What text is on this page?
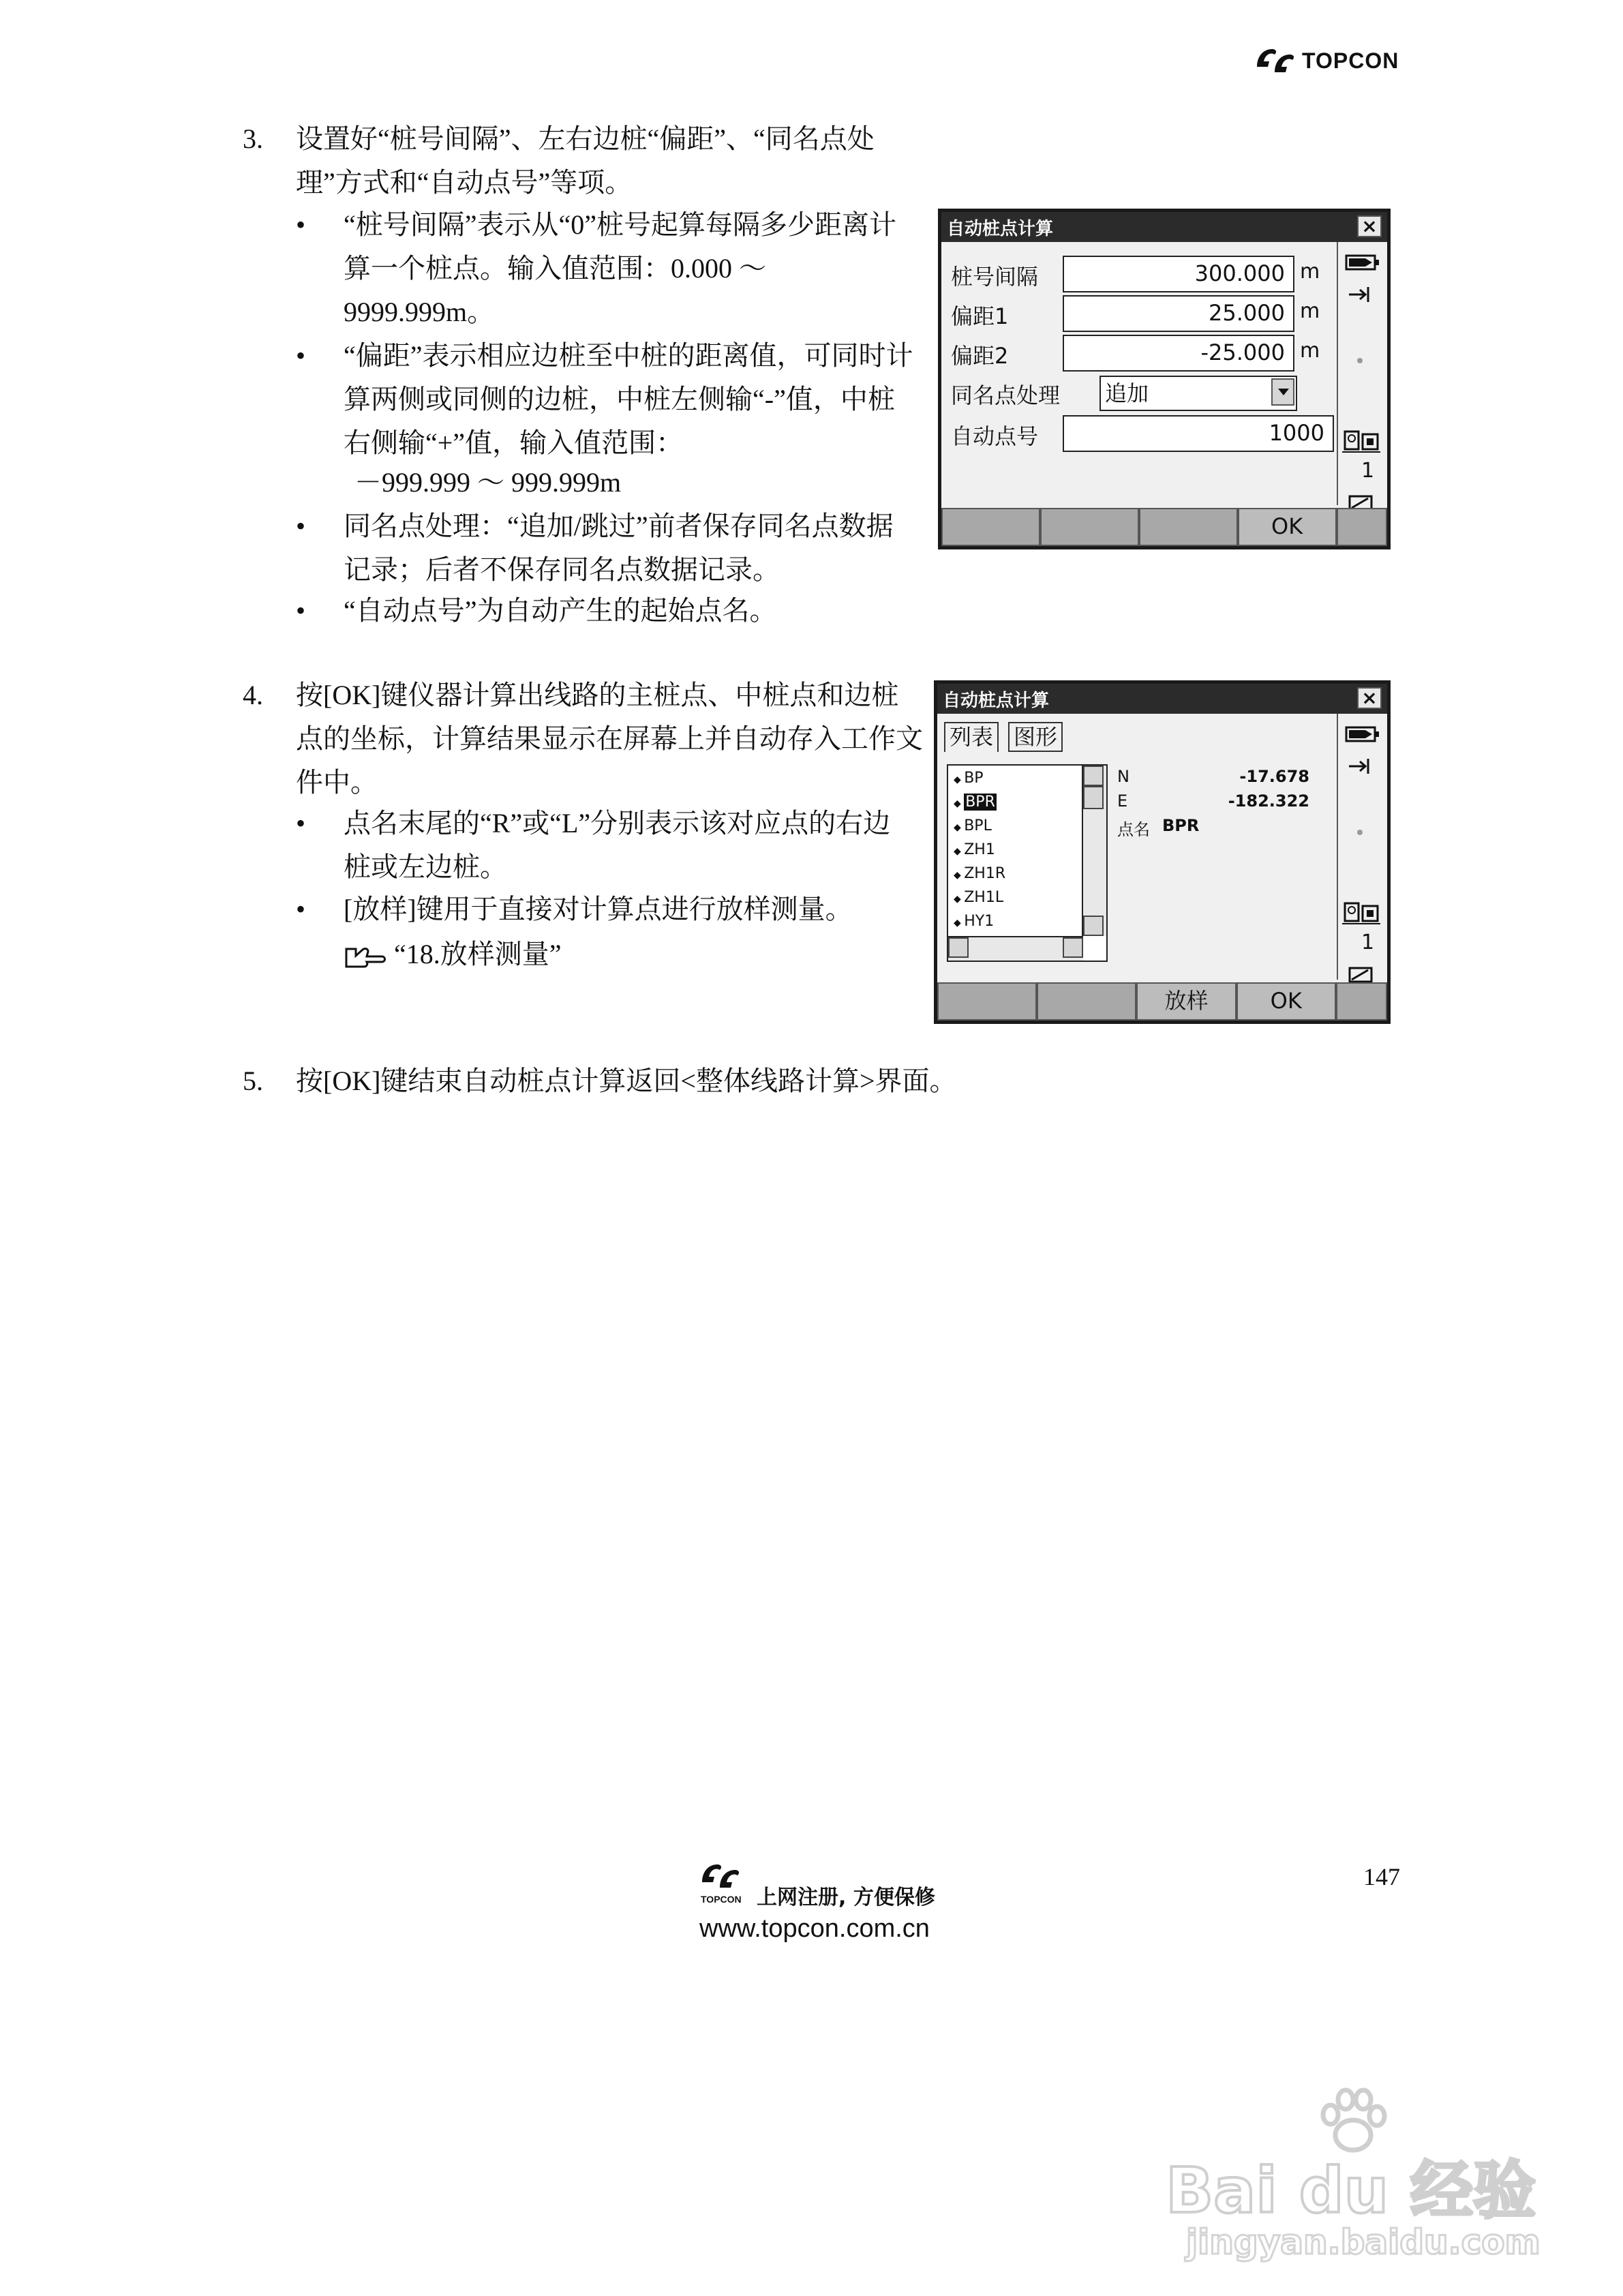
TOPCON
3. 设置好“桩号间隔”、左右边桩“偏距”、“同名点处理”方式和“自动点号”等项。
• “桩号间隔”表示从“0”桩号起算每隔多少距离计算一个桩点。输入值范围：0.000 ～ 9999.999m。
• “偏距”表示相应边桩至中桩的距离值，可同时计算两侧或同侧的边桩，中桩左侧输“-”值，中桩右侧输“+”值，输入值范围：
－999.999 ～ 999.999m
• 同名点处理：“追加/跳过”前者保存同名点数据记录；后者不保存同名点数据记录。
• “自动点号”为自动产生的起始点名。
自动桩点计算	×
桩号间隔	300.000 m
偏距1	25.000 m
偏距2	-25.000 m
同名点处理 追加
自动点号	1000
1
OK
4. 按[OK]键仪器计算出线路的主桩点、中桩点和边桩点的坐标，计算结果显示在屏幕上并自动存入工作文件中。
• 点名末尾的“R”或“L”分别表示该对应点的右边桩或左边桩。
• [放样]键用于直接对计算点进行放样测量。
“18.放样测量”
自动桩点计算	×
列表 图形
◆ BP
◆ BPR
◆ BPL
◆ ZH1
◆ ZH1R
◆ ZH1L
◆ HY1
N	-17.678
E	-182.322
点名 BPR
1
放样	OK
5. 按[OK]键结束自动桩点计算返回<整体线路计算>界面。
TOPCON 上网注册, 方便保修
www.topcon.com.cn
147
Bai du 经验
jingyan.baidu.com
